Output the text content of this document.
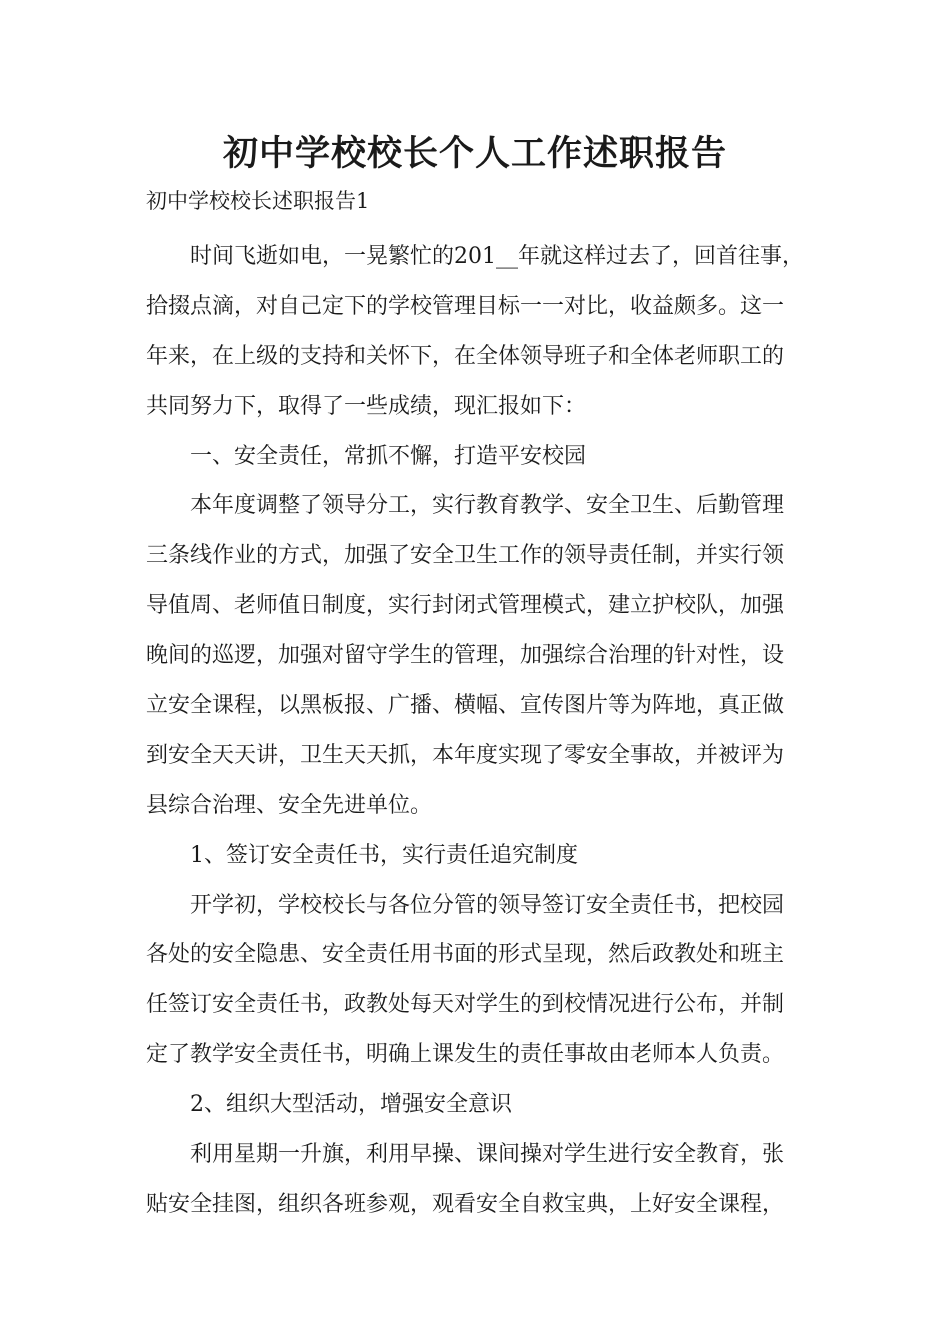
初中学校校长个人工作述职报告
初中学校校长述职报告1
时间飞逝如电，一晃繁忙的201__年就这样过去了，回首往事，
拾掇点滴，对自己定下的学校管理目标一一对比，收益颇多。这一
年来，在上级的支持和关怀下，在全体领导班子和全体老师职工的
共同努力下，取得了一些成绩，现汇报如下：
一、安全责任，常抓不懈，打造平安校园
本年度调整了领导分工，实行教育教学、安全卫生、后勤管理
三条线作业的方式，加强了安全卫生工作的领导责任制，并实行领
导值周、老师值日制度，实行封闭式管理模式，建立护校队，加强
晚间的巡逻，加强对留守学生的管理，加强综合治理的针对性，设
立安全课程，以黑板报、广播、横幅、宣传图片等为阵地，真正做
到安全天天讲，卫生天天抓，本年度实现了零安全事故，并被评为
县综合治理、安全先进单位。
1、签订安全责任书，实行责任追究制度
开学初，学校校长与各位分管的领导签订安全责任书，把校园
各处的安全隐患、安全责任用书面的形式呈现，然后政教处和班主
任签订安全责任书，政教处每天对学生的到校情况进行公布，并制
定了教学安全责任书，明确上课发生的责任事故由老师本人负责。
2、组织大型活动，增强安全意识
利用星期一升旗，利用早操、课间操对学生进行安全教育，张
贴安全挂图，组织各班参观，观看安全自救宝典，上好安全课程，
